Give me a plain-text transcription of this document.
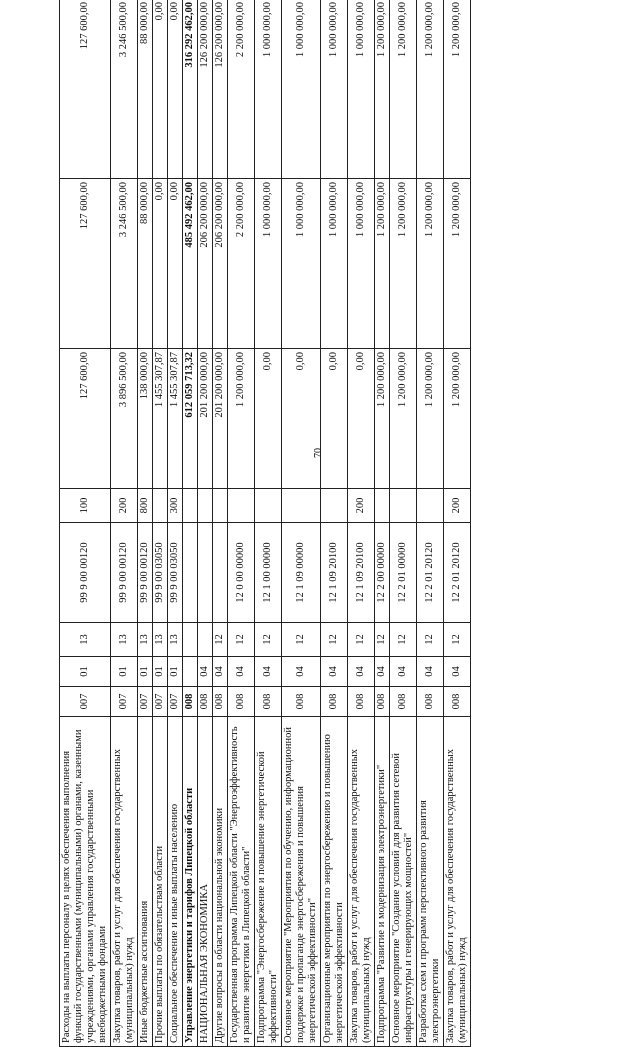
70
Расходы на выплаты персоналу в целях обеспечения выполнения функций государственными (муниципальными) органами, казенными учреждениями, органами управления государственными внебюджетными фондами	007	01	13	99 9 00 00120	100	127 600,00	127 600,00	127 600,00
Закупка товаров, работ и услуг для обеспечения государственных (муниципальных) нужд	007	01	13	99 9 00 00120	200	3 896 500,00	3 246 500,00	3 246 500,00
Иные бюджетные ассигнования	007	01	13	99 9 00 00120	800	138 000,00	88 000,00	88 000,00
Прочие выплаты по обязательствам области	007	01	13	99 9 00 03050		1 455 307,87	0,00	0,00
Социальное обеспечение и иные выплаты населению	007	01	13	99 9 00 03050	300	1 455 307,87	0,00	0,00
Управление энергетики и тарифов Липецкой области	008					612 059 713,32	485 492 462,00	316 292 462,00
НАЦИОНАЛЬНАЯ ЭКОНОМИКА	008	04				201 200 000,00	206 200 000,00	126 200 000,00
Другие вопросы в области национальной экономики	008	04	12			201 200 000,00	206 200 000,00	126 200 000,00
Государственная программа Липецкой области "Энергоэффективность и развитие энергетики в Липецкой области"	008	04	12	12 0 00 00000		1 200 000,00	2 200 000,00	2 200 000,00
Подпрограмма "Энергосбережение и повышение энергетической эффективности"	008	04	12	12 1 00 00000		0,00	1 000 000,00	1 000 000,00
Основное мероприятие "Мероприятия по обучению, информационной поддержке и пропаганде энергосбережения и повышения энергетической эффективности"	008	04	12	12 1 09 00000		0,00	1 000 000,00	1 000 000,00
Организационные мероприятия по энергосбережению и повышению энергетической эффективности	008	04	12	12 1 09 20100		0,00	1 000 000,00	1 000 000,00
Закупка товаров, работ и услуг для обеспечения государственных (муниципальных) нужд	008	04	12	12 1 09 20100	200	0,00	1 000 000,00	1 000 000,00
Подпрограмма "Развитие и модернизация электроэнергетики"	008	04	12	12 2 00 00000		1 200 000,00	1 200 000,00	1 200 000,00
Основное мероприятие "Создание условий для развития сетевой инфраструктуры и генерирующих мощностей"	008	04	12	12 2 01 00000		1 200 000,00	1 200 000,00	1 200 000,00
Разработка схем и программ перспективного развития электроэнергетики	008	04	12	12 2 01 20120		1 200 000,00	1 200 000,00	1 200 000,00
Закупка товаров, работ и услуг для обеспечения государственных (муниципальных) нужд	008	04	12	12 2 01 20120	200	1 200 000,00	1 200 000,00	1 200 000,00
